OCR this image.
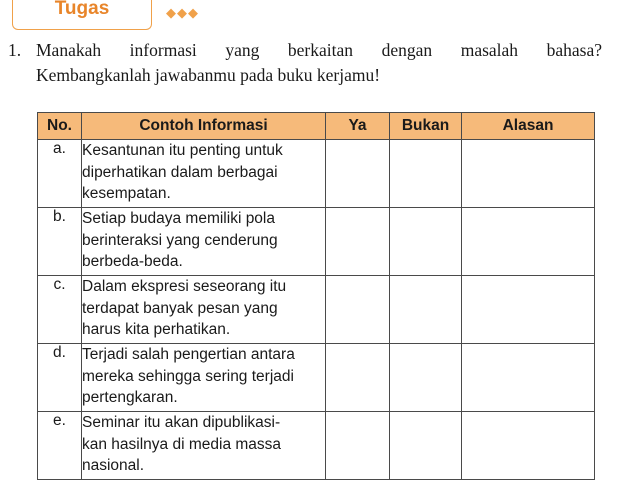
Tugas	◆◆◆
1. Manakah informasi yang berkaitan dengan masalah bahasa?
Kembangkanlah jawabanmu pada buku kerjamu!
No.	Contoh Informasi	Ya	Bukan	Alasan
a.	Kesantunan itu penting untuk
diperhatikan dalam berbagai
kesempatan.			
b.	Setiap budaya memiliki pola
berinteraksi yang cenderung
berbeda-beda.			
c.	Dalam ekspresi seseorang itu
terdapat banyak pesan yang
harus kita perhatikan.			
d.	Terjadi salah pengertian antara
mereka sehingga sering terjadi
pertengkaran.			
e.	Seminar itu akan dipublikasi-
kan hasilnya di media massa
nasional.			
